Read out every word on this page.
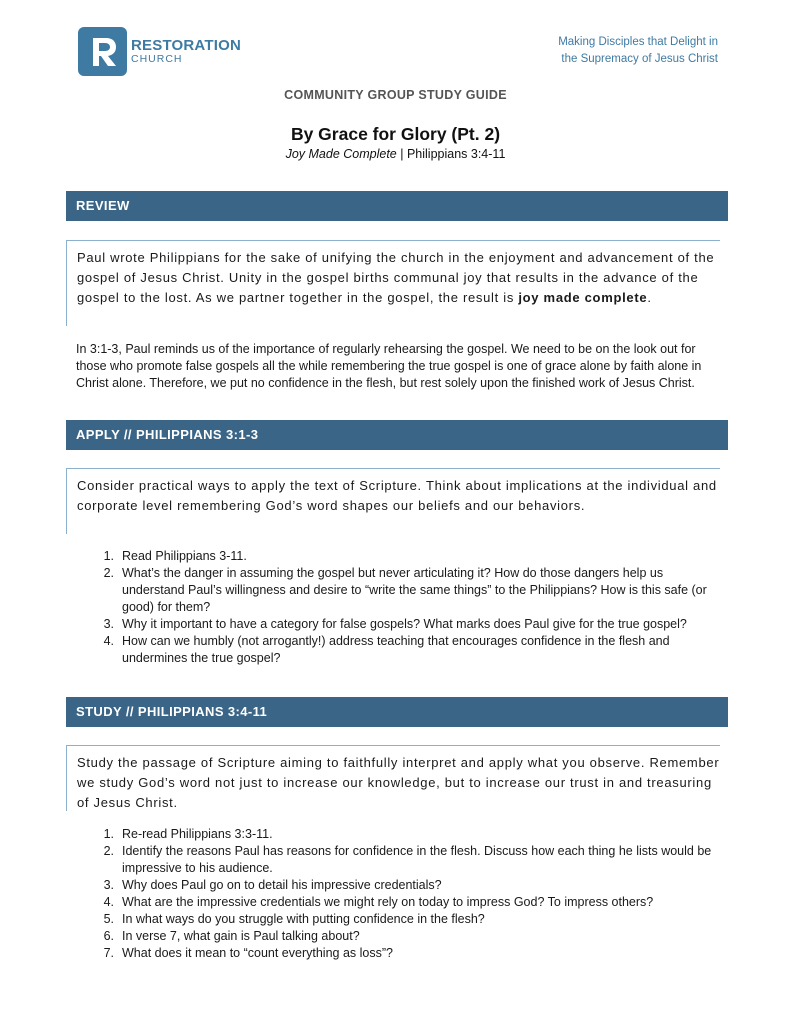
RESTORATION
CHURCH
Making Disciples that Delight in
the Supremacy of Jesus Christ
COMMUNITY GROUP STUDY GUIDE
By Grace for Glory (Pt. 2)
Joy Made Complete | Philippians 3:4-11
REVIEW
Paul wrote Philippians for the sake of unifying the church in the enjoyment and advancement of the gospel of Jesus Christ. Unity in the gospel births communal joy that results in the advance of the gospel to the lost. As we partner together in the gospel, the result is joy made complete.
In 3:1-3, Paul reminds us of the importance of regularly rehearsing the gospel. We need to be on the look out for those who promote false gospels all the while remembering the true gospel is one of grace alone by faith alone in Christ alone. Therefore, we put no confidence in the flesh, but rest solely upon the finished work of Jesus Christ.
APPLY // PHILIPPIANS 3:1-3
Consider practical ways to apply the text of Scripture. Think about implications at the individual and corporate level remembering God’s word shapes our beliefs and our behaviors.
1. Read Philippians 3-11.
2. What’s the danger in assuming the gospel but never articulating it? How do those dangers help us understand Paul’s willingness and desire to “write the same things” to the Philippians? How is this safe (or good) for them?
3. Why it important to have a category for false gospels? What marks does Paul give for the true gospel?
4. How can we humbly (not arrogantly!) address teaching that encourages confidence in the flesh and undermines the true gospel?
STUDY // PHILIPPIANS 3:4-11
Study the passage of Scripture aiming to faithfully interpret and apply what you observe. Remember we study God’s word not just to increase our knowledge, but to increase our trust in and treasuring of Jesus Christ.
1. Re-read Philippians 3:3-11.
2. Identify the reasons Paul has reasons for confidence in the flesh. Discuss how each thing he lists would be impressive to his audience.
3. Why does Paul go on to detail his impressive credentials?
4. What are the impressive credentials we might rely on today to impress God? To impress others?
5. In what ways do you struggle with putting confidence in the flesh?
6. In verse 7, what gain is Paul talking about?
7. What does it mean to “count everything as loss”?
